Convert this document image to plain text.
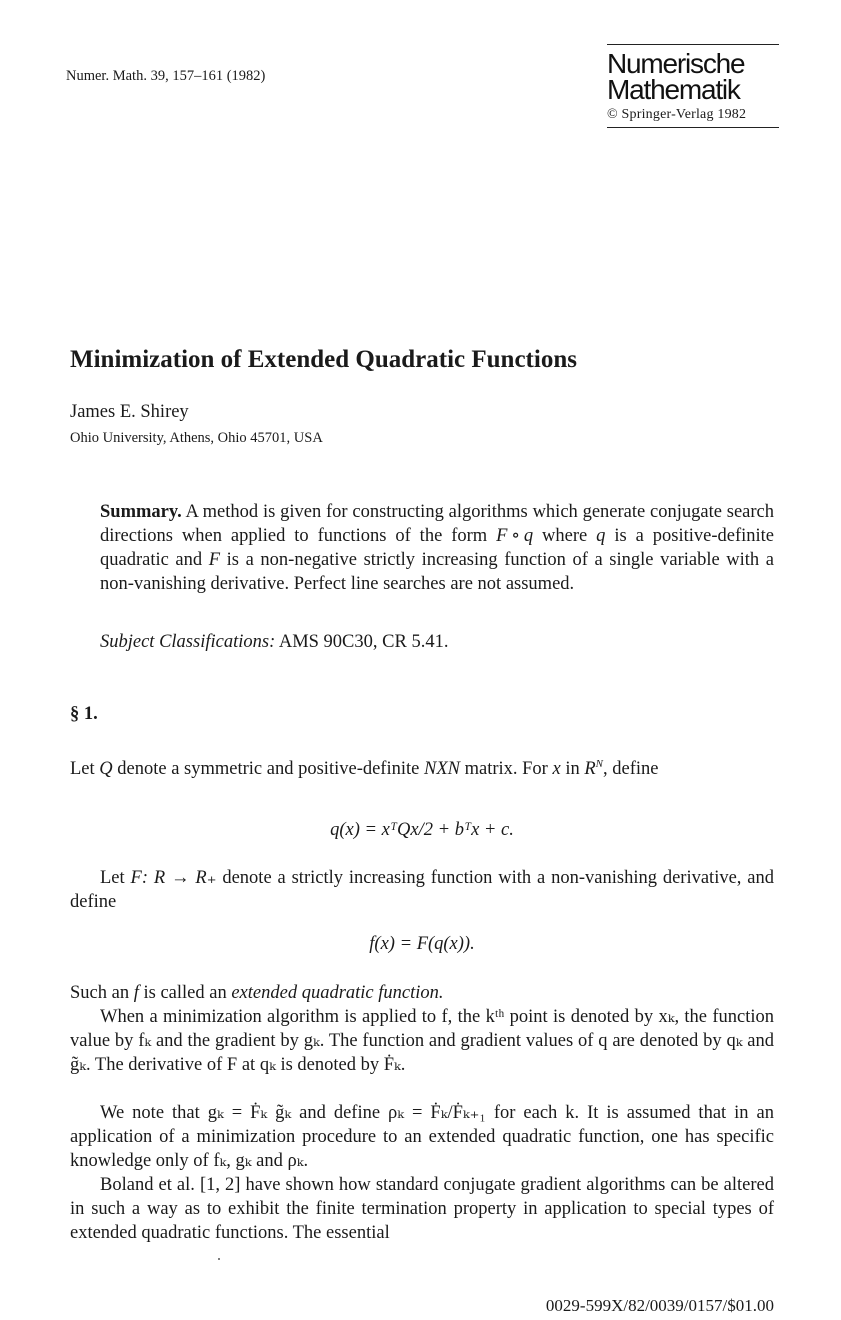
Numer. Math. 39, 157–161 (1982)	Numerische
Mathematik
© Springer-Verlag 1982
Minimization of Extended Quadratic Functions
James E. Shirey
Ohio University, Athens, Ohio 45701, USA
Summary. A method is given for constructing algorithms which generate conjugate search directions when applied to functions of the form F ∘ q where q is a positive-definite quadratic and F is a non-negative strictly increasing function of a single variable with a non-vanishing derivative. Perfect line searches are not assumed.
Subject Classifications: AMS 90C30, CR 5.41.
§ 1.
Let Q denote a symmetric and positive-definite NXN matrix. For x in $R^N$, define
q(x) = xᵀQx/2 + bᵀx + c.
Let F: R → R₊ denote a strictly increasing function with a non-vanishing derivative, and define
f(x) = F(q(x)).
Such an f is called an extended quadratic function.
When a minimization algorithm is applied to f, the kᵗʰ point is denoted by xₖ, the function value by fₖ and the gradient by gₖ. The function and gradient values of q are denoted by qₖ and g̃ₖ. The derivative of F at qₖ is denoted by Ḟₖ.
We note that gₖ = Ḟₖ g̃ₖ and define ρₖ = Ḟₖ/Ḟₖ₊₁ for each k. It is assumed that in an application of a minimization procedure to an extended quadratic function, one has specific knowledge only of fₖ, gₖ and ρₖ.
Boland et al. [1, 2] have shown how standard conjugate gradient algorithms can be altered in such a way as to exhibit the finite termination property in application to special types of extended quadratic functions. The essential
0029-599X/82/0039/0157/$01.00
